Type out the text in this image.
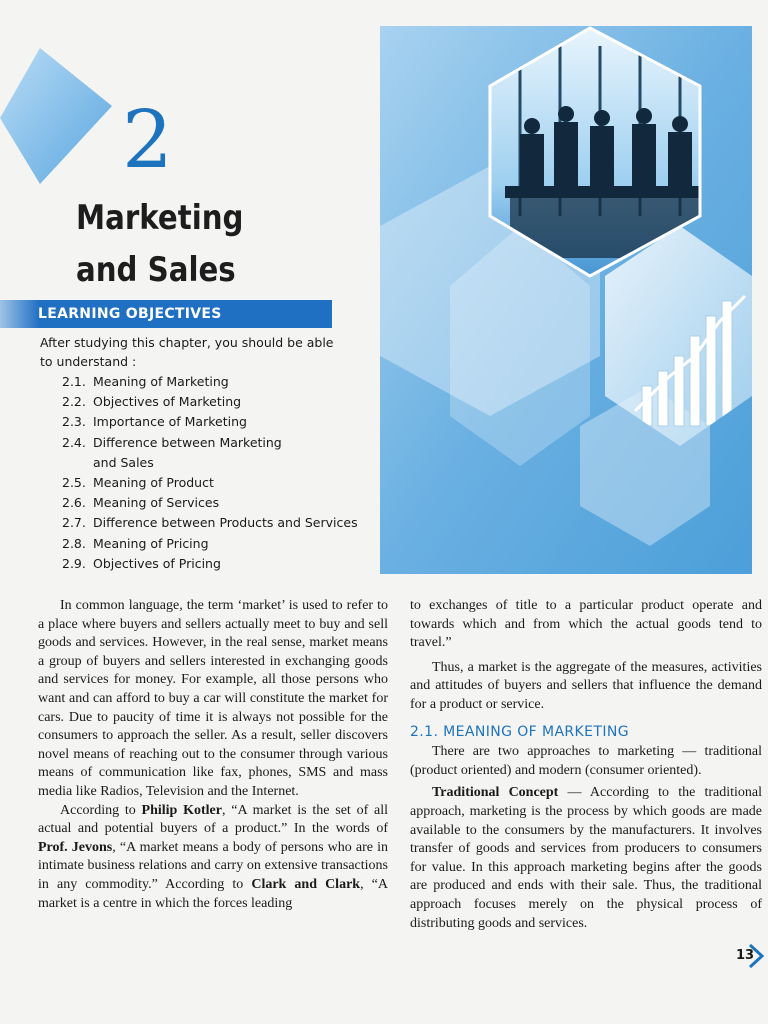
2
Marketing
and Sales
LEARNING OBJECTIVES
After studying this chapter, you should be able to understand :
2.1. Meaning of Marketing
2.2. Objectives of Marketing
2.3. Importance of Marketing
2.4. Difference between Marketing and Sales
2.5. Meaning of Product
2.6. Meaning of Services
2.7. Difference between Products and Services
2.8. Meaning of Pricing
2.9. Objectives of Pricing

In common language, the term ‘market’ is used to refer to a place where buyers and sellers actually meet to buy and sell goods and services. However, in the real sense, market means a group of buyers and sellers interested in exchanging goods and services for money. For example, all those persons who want and can afford to buy a car will constitute the market for cars. Due to paucity of time it is always not possible for the consumers to approach the seller. As a result, seller discovers novel means of reaching out to the consumer through various means of communication like fax, phones, SMS and mass media like Radios, Television and the Internet.

According to Philip Kotler, “A market is the set of all actual and potential buyers of a product.” In the words of Prof. Jevons, “A market means a body of persons who are in intimate business relations and carry on extensive transactions in any commodity.” According to Clark and Clark, “A market is a centre in which the forces leading

to exchanges of title to a particular product operate and towards which and from which the actual goods tend to travel.”

Thus, a market is the aggregate of the measures, activities and attitudes of buyers and sellers that influence the demand for a product or service.

2.1. MEANING OF MARKETING

There are two approaches to marketing — traditional (product oriented) and modern (consumer oriented).

Traditional Concept — According to the traditional approach, marketing is the process by which goods are made available to the consumers by the manufacturers. It involves transfer of goods and services from producers to consumers for value. In this approach marketing begins after the goods are produced and ends with their sale. Thus, the traditional approach focuses merely on the physical process of distributing goods and services.

13
